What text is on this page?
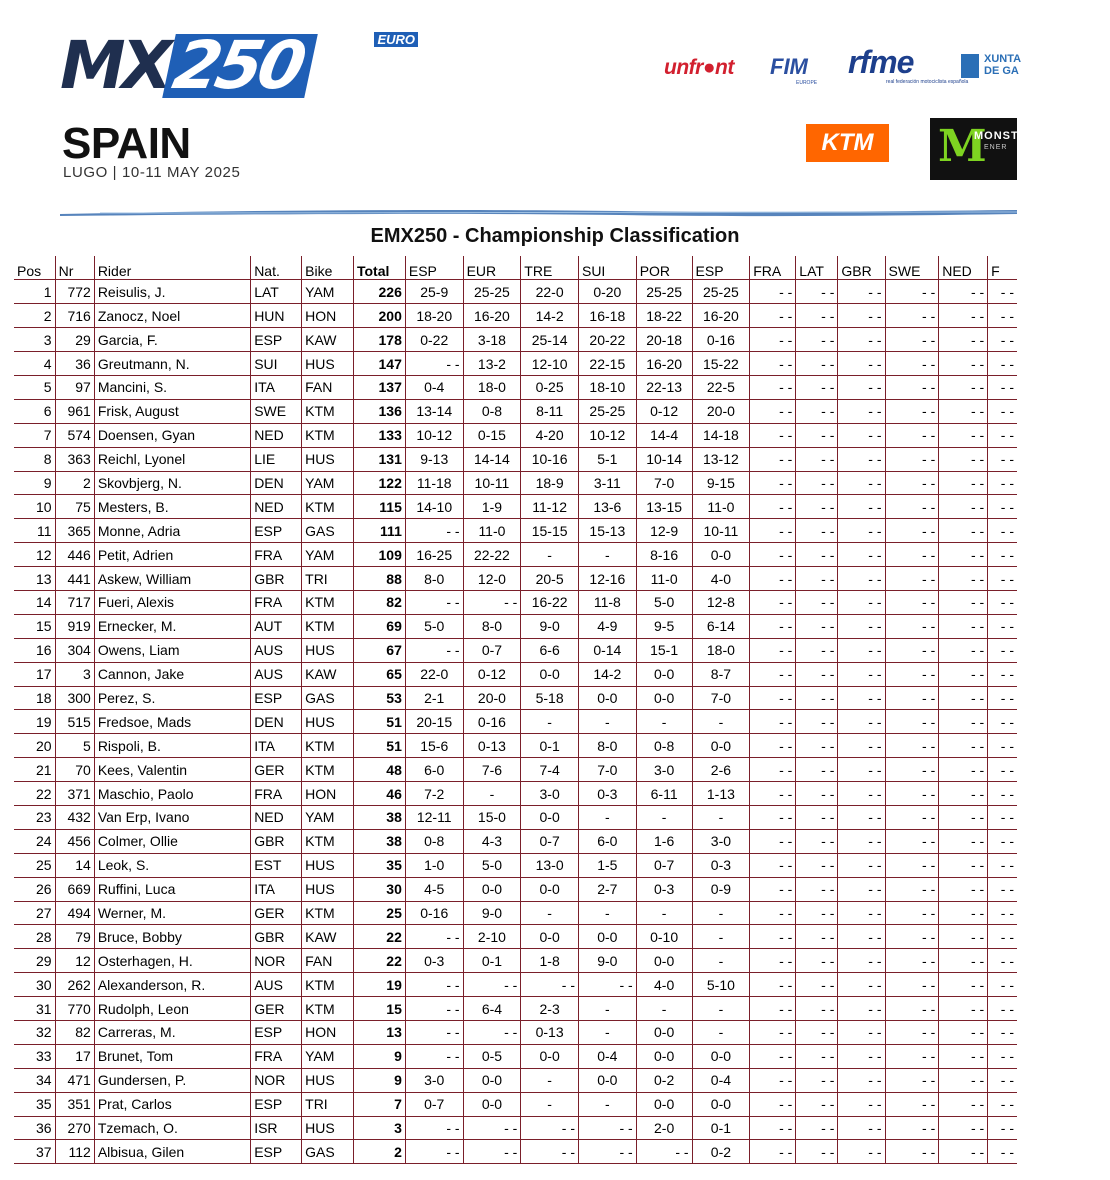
MX250	EURO
SPAIN
LUGO | 10-11 MAY 2025
unfr●nt FIM
EUROPE
rfme
real federación motociclista española
XUNTA
DE GA
KTM	M
MONST
ENER
EMX250 - Championship Classification
Pos	Nr	Rider	Nat.	Bike	Total	ESP	EUR	TRE	SUI	POR	ESP	FRA	LAT	GBR	SWE	NED	F
1	772	Reisulis, J.	LAT	YAM	226	25-9	25-25	22-0	0-20	25-25	25-25	- -	- -	- -	- -	- -	- -
2	716	Zanocz, Noel	HUN	HON	200	18-20	16-20	14-2	16-18	18-22	16-20	- -	- -	- -	- -	- -	- -
3	29	Garcia, F.	ESP	KAW	178	0-22	3-18	25-14	20-22	20-18	0-16	- -	- -	- -	- -	- -	- -
4	36	Greutmann, N.	SUI	HUS	147	- -	13-2	12-10	22-15	16-20	15-22	- -	- -	- -	- -	- -	- -
5	97	Mancini, S.	ITA	FAN	137	0-4	18-0	0-25	18-10	22-13	22-5	- -	- -	- -	- -	- -	- -
6	961	Frisk, August	SWE	KTM	136	13-14	0-8	8-11	25-25	0-12	20-0	- -	- -	- -	- -	- -	- -
7	574	Doensen, Gyan	NED	KTM	133	10-12	0-15	4-20	10-12	14-4	14-18	- -	- -	- -	- -	- -	- -
8	363	Reichl, Lyonel	LIE	HUS	131	9-13	14-14	10-16	5-1	10-14	13-12	- -	- -	- -	- -	- -	- -
9	2	Skovbjerg, N.	DEN	YAM	122	11-18	10-11	18-9	3-11	7-0	9-15	- -	- -	- -	- -	- -	- -
10	75	Mesters, B.	NED	KTM	115	14-10	1-9	11-12	13-6	13-15	11-0	- -	- -	- -	- -	- -	- -
11	365	Monne, Adria	ESP	GAS	111	- -	11-0	15-15	15-13	12-9	10-11	- -	- -	- -	- -	- -	- -
12	446	Petit, Adrien	FRA	YAM	109	16-25	22-22	-	-	8-16	0-0	- -	- -	- -	- -	- -	- -
13	441	Askew, William	GBR	TRI	88	8-0	12-0	20-5	12-16	11-0	4-0	- -	- -	- -	- -	- -	- -
14	717	Fueri, Alexis	FRA	KTM	82	- -	- -	16-22	11-8	5-0	12-8	- -	- -	- -	- -	- -	- -
15	919	Ernecker, M.	AUT	KTM	69	5-0	8-0	9-0	4-9	9-5	6-14	- -	- -	- -	- -	- -	- -
16	304	Owens, Liam	AUS	HUS	67	- -	0-7	6-6	0-14	15-1	18-0	- -	- -	- -	- -	- -	- -
17	3	Cannon, Jake	AUS	KAW	65	22-0	0-12	0-0	14-2	0-0	8-7	- -	- -	- -	- -	- -	- -
18	300	Perez, S.	ESP	GAS	53	2-1	20-0	5-18	0-0	0-0	7-0	- -	- -	- -	- -	- -	- -
19	515	Fredsoe, Mads	DEN	HUS	51	20-15	0-16	-	-	-	-	- -	- -	- -	- -	- -	- -
20	5	Rispoli, B.	ITA	KTM	51	15-6	0-13	0-1	8-0	0-8	0-0	- -	- -	- -	- -	- -	- -
21	70	Kees, Valentin	GER	KTM	48	6-0	7-6	7-4	7-0	3-0	2-6	- -	- -	- -	- -	- -	- -
22	371	Maschio, Paolo	FRA	HON	46	7-2	-	3-0	0-3	6-11	1-13	- -	- -	- -	- -	- -	- -
23	432	Van Erp, Ivano	NED	YAM	38	12-11	15-0	0-0	-	-	-	- -	- -	- -	- -	- -	- -
24	456	Colmer, Ollie	GBR	KTM	38	0-8	4-3	0-7	6-0	1-6	3-0	- -	- -	- -	- -	- -	- -
25	14	Leok, S.	EST	HUS	35	1-0	5-0	13-0	1-5	0-7	0-3	- -	- -	- -	- -	- -	- -
26	669	Ruffini, Luca	ITA	HUS	30	4-5	0-0	0-0	2-7	0-3	0-9	- -	- -	- -	- -	- -	- -
27	494	Werner, M.	GER	KTM	25	0-16	9-0	-	-	-	-	- -	- -	- -	- -	- -	- -
28	79	Bruce, Bobby	GBR	KAW	22	- -	2-10	0-0	0-0	0-10	-	- -	- -	- -	- -	- -	- -
29	12	Osterhagen, H.	NOR	FAN	22	0-3	0-1	1-8	9-0	0-0	-	- -	- -	- -	- -	- -	- -
30	262	Alexanderson, R.	AUS	KTM	19	- -	- -	- -	- -	4-0	5-10	- -	- -	- -	- -	- -	- -
31	770	Rudolph, Leon	GER	KTM	15	- -	6-4	2-3	-	-	-	- -	- -	- -	- -	- -	- -
32	82	Carreras, M.	ESP	HON	13	- -	- -	0-13	-	0-0	-	- -	- -	- -	- -	- -	- -
33	17	Brunet, Tom	FRA	YAM	9	- -	0-5	0-0	0-4	0-0	0-0	- -	- -	- -	- -	- -	- -
34	471	Gundersen, P.	NOR	HUS	9	3-0	0-0	-	0-0	0-2	0-4	- -	- -	- -	- -	- -	- -
35	351	Prat, Carlos	ESP	TRI	7	0-7	0-0	-	-	0-0	0-0	- -	- -	- -	- -	- -	- -
36	270	Tzemach, O.	ISR	HUS	3	- -	- -	- -	- -	2-0	0-1	- -	- -	- -	- -	- -	- -
37	112	Albisua, Gilen	ESP	GAS	2	- -	- -	- -	- -	- -	0-2	- -	- -	- -	- -	- -	- -
